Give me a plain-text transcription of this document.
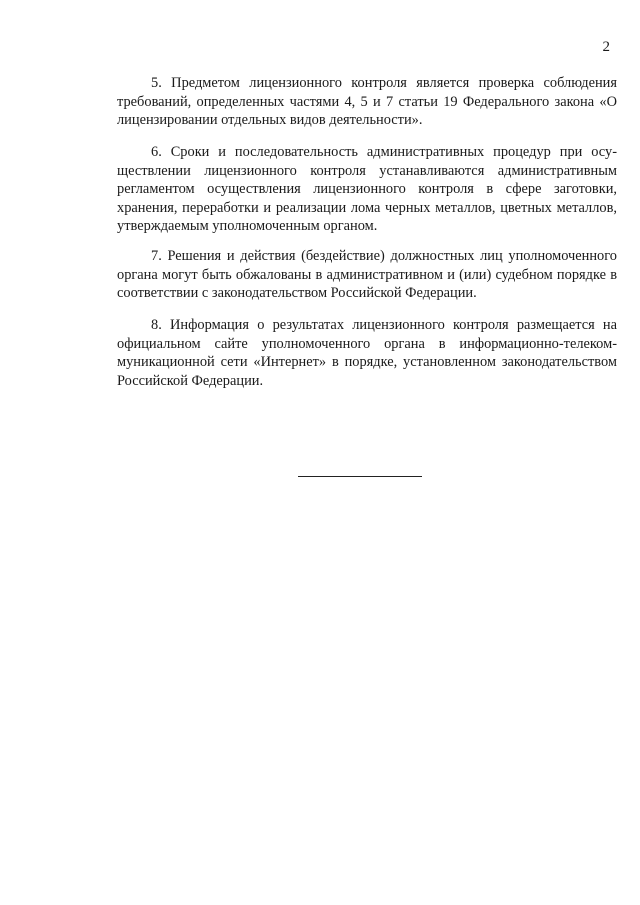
2

5. Предметом лицензионного контроля является проверка соблюдения требований, определенных частями 4, 5 и 7 статьи 19 Федерального закона «О лицензировании отдельных видов деятельности».

6. Сроки и последовательность административных процедур при осуществлении лицензионного контроля устанавливаются административным регламентом осуществления лицензионного контроля в сфере заготовки, хранения, переработки и реализации лома черных металлов, цветных металлов, утверждаемым уполномоченным органом.

7. Решения и действия (бездействие) должностных лиц уполномоченного органа могут быть обжалованы в административном и (или) судебном порядке в соответствии с законодательством Российской Федерации.

8. Информация о результатах лицензионного контроля размещается на официальном сайте уполномоченного органа в информационно-телекоммуникационной сети «Интернет» в порядке, установленном законодательством Российской Федерации.
